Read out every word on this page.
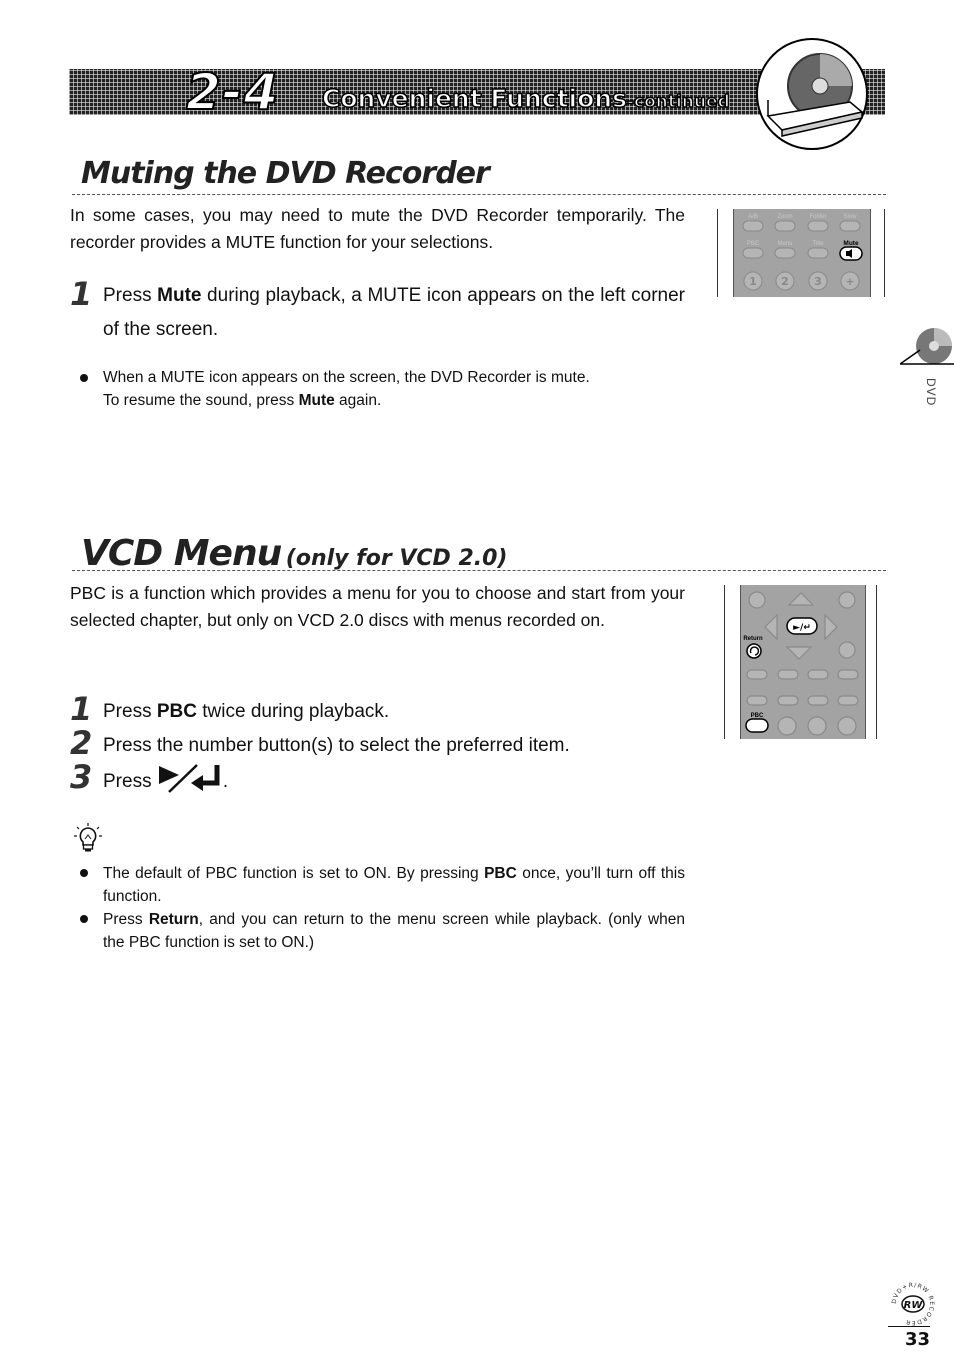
2-4 Convenient Functions-continued
Muting the DVD Recorder
In some cases, you may need to mute the DVD Recorder temporarily. The recorder provides a MUTE function for your selections.
1 Press Mute during playback, a MUTE icon appears on the left corner of the screen.
When a MUTE icon appears on the screen, the DVD Recorder is mute.
To resume the sound, press Mute again.
A/B	Zoom	Folder	Slow
PBC	Menu	Title	Mute
1 2 3 +
VCD Menu (only for VCD 2.0)
PBC is a function which provides a menu for you to choose and start from your selected chapter, but only on VCD 2.0 discs with menus recorded on.
1 Press PBC twice during playback.
2 Press the number button(s) to select the preferred item.
3 Press	.
The default of PBC function is set to ON. By pressing PBC once, you’ll turn off this function.
Press Return, and you can return to the menu screen while playback. (only when the PBC function is set to ON.)
►/↵
Return
PBC
DVD
DVD+R/RW RECORDER
RW
33
